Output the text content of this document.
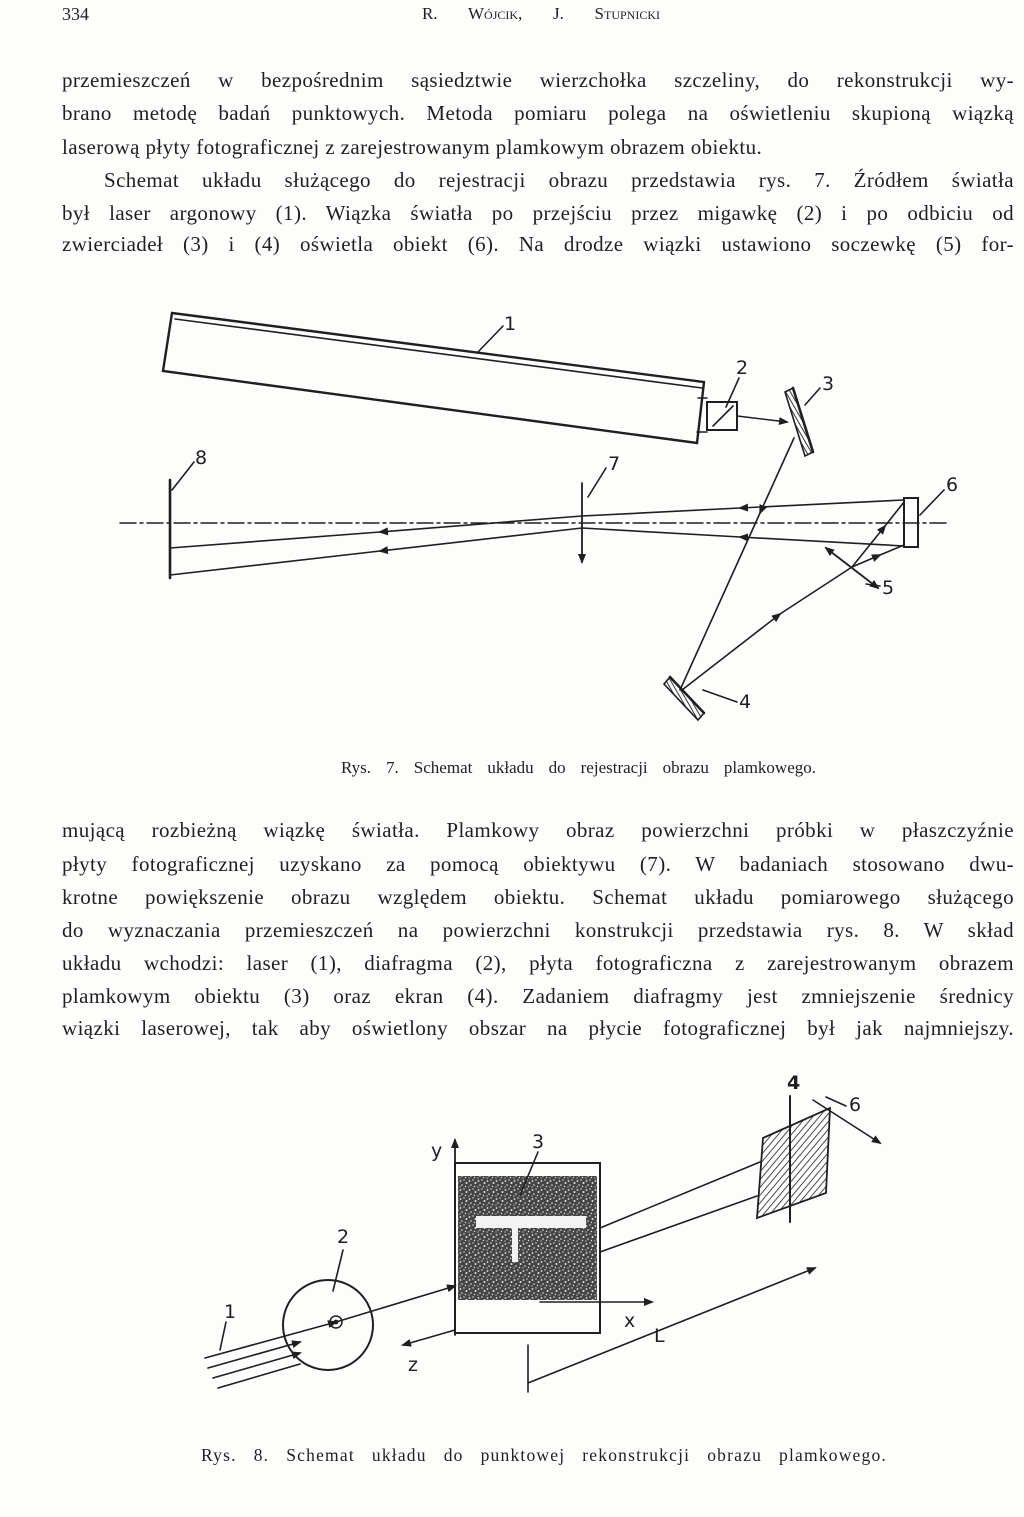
334	R. Wójcik, J. Stupnicki
przemieszczeń w bezpośrednim sąsiedztwie wierzchołka szczeliny, do rekonstrukcji wy-
brano metodę badań punktowych. Metoda pomiaru polega na oświetleniu skupioną wiązką
laserową płyty fotograficznej z zarejestrowanym plamkowym obrazem obiektu.
Schemat układu służącego do rejestracji obrazu przedstawia rys. 7. Źródłem światła
był laser argonowy (1). Wiązka światła po przejściu przez migawkę (2) i po odbiciu od
zwierciadeł (3) i (4) oświetla obiekt (6). Na drodze wiązki ustawiono soczewkę (5) for-
1
2
3
8	7
6
5
4
Rys. 7. Schemat układu do rejestracji obrazu plamkowego.
mującą rozbieżną wiązkę światła. Plamkowy obraz powierzchni próbki w płaszczyźnie
płyty fotograficznej uzyskano za pomocą obiektywu (7). W badaniach stosowano dwu-
krotne powiększenie obrazu względem obiektu. Schemat układu pomiarowego służącego
do wyznaczania przemieszczeń na powierzchni konstrukcji przedstawia rys. 8. W skład
układu wchodzi: laser (1), diafragma (2), płyta fotograficzna z zarejestrowanym obrazem
plamkowym obiektu (3) oraz ekran (4). Zadaniem diafragmy jest zmniejszenie średnicy
wiązki laserowej, tak aby oświetlony obszar na płycie fotograficznej był jak najmniejszy.
y	3
2
1
z
x
L
4
6
Rys. 8. Schemat układu do punktowej rekonstrukcji obrazu plamkowego.
